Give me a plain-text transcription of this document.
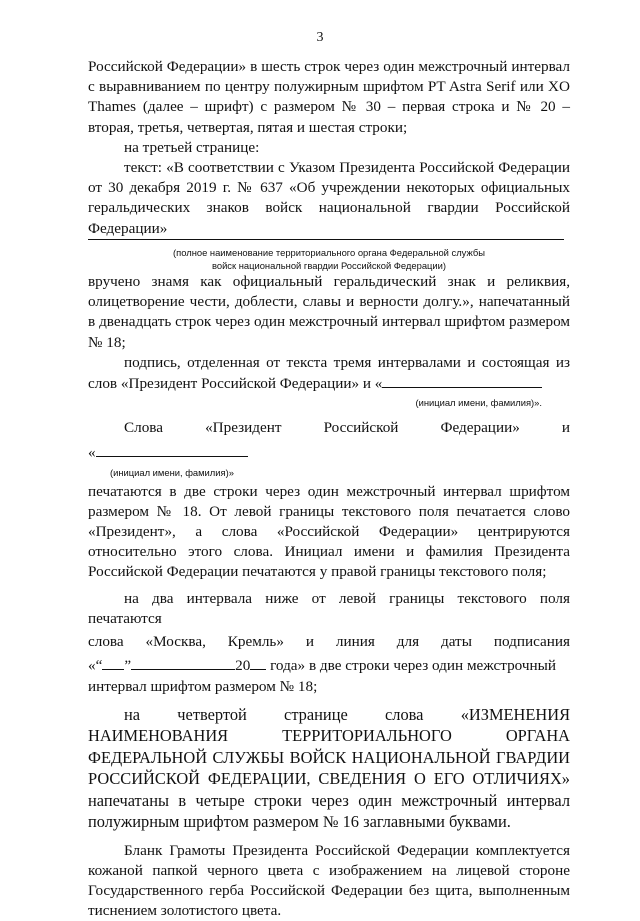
3

Российской Федерации» в шесть строк через один межстрочный интервал с выравниванием по центру полужирным шрифтом PT Astra Serif или XO Thames (далее – шрифт) с размером № 30 – первая строка и № 20 – вторая, третья, четвертая, пятая и шестая строки;

на третьей странице:

текст: «В соответствии с Указом Президента Российской Федерации от 30 декабря 2019 г. № 637 «Об учреждении некоторых официальных геральдических знаков войск национальной гвардии Российской Федерации»

(полное наименование территориального органа Федеральной службы
войск национальной гвардии Российской Федерации)

вручено знамя как официальный геральдический знак и реликвия, олицетворение чести, доблести, славы и верности долгу.», напечатанный в двенадцать строк через один межстрочный интервал шрифтом размером № 18;

подпись, отделенная от текста тремя интервалами и состоящая из слов «Президент Российской Федерации» и «

(инициал имени, фамилия)».
Слова	«Президент	Российской	Федерации»	и
«
(инициал имени, фамилия)»

печатаются в две строки через один межстрочный интервал шрифтом размером № 18. От левой границы текстового поля печатается слово «Президент», а слова «Российской Федерации» центрируются относительно этого слова. Инициал имени и фамилия Президента Российской Федерации печатаются у правой границы текстового поля;

на два интервала ниже от левой границы текстового поля печатаются

слова «Москва, Кремль» и линия для даты подписания
«“ ”	20 года» в две строки через один межстрочный

интервал шрифтом размером № 18;

на четвертой странице слова «ИЗМЕНЕНИЯ НАИМЕНОВАНИЯ ТЕРРИТОРИАЛЬНОГО ОРГАНА ФЕДЕРАЛЬНОЙ СЛУЖБЫ ВОЙСК НАЦИОНАЛЬНОЙ ГВАРДИИ РОССИЙСКОЙ ФЕДЕРАЦИИ, СВЕДЕНИЯ О ЕГО ОТЛИЧИЯХ» напечатаны в четыре строки через один межстрочный интервал полужирным шрифтом размером № 16 заглавными буквами.

Бланк Грамоты Президента Российской Федерации комплектуется кожаной папкой черного цвета с изображением на лицевой стороне Государственного герба Российской Федерации без щита, выполненным тиснением золотистого цвета.
